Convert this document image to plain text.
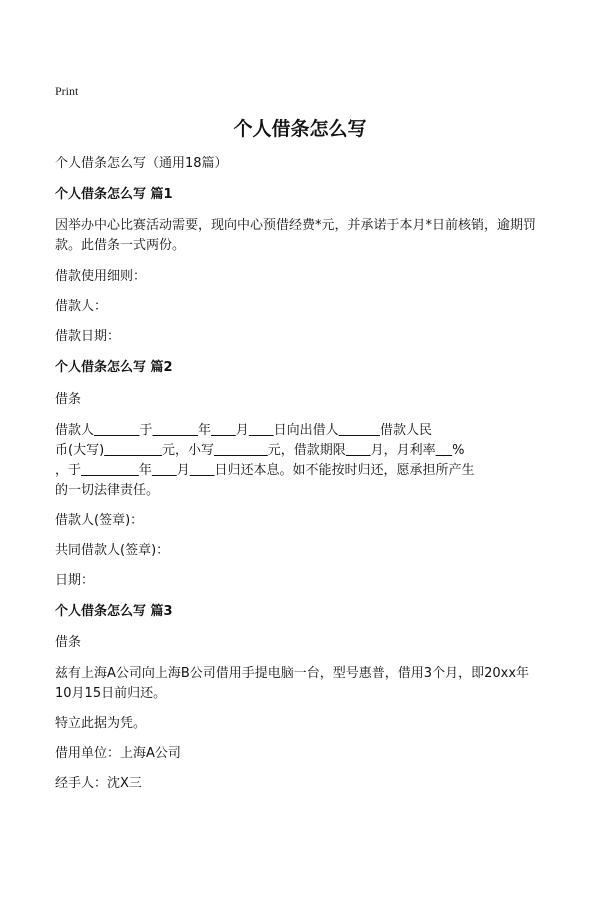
Print
个人借条怎么写
个人借条怎么写（通用18篇）
个人借条怎么写 篇1
因举办中心比赛活动需要，现向中心预借经费*元，并承诺于本月*日前核销，逾期罚款。此借条一式两份。
借款使用细则：
借款人：
借款日期：
个人借条怎么写 篇2
借条
借款人	于	年 月 日向出借人	借款人民
币(大写)	元，小写	元，借款期限 月，月利率 %
，于	年 月 日归还本息。如不能按时归还，愿承担所产生
的一切法律责任。
借款人(签章)：
共同借款人(签章)：
日期：
个人借条怎么写 篇3
借条
兹有上海A公司向上海B公司借用手提电脑一台，型号惠普，借用3个月，即20xx年10月15日前归还。
特立此据为凭。
借用单位：上海A公司
经手人：沈X三
